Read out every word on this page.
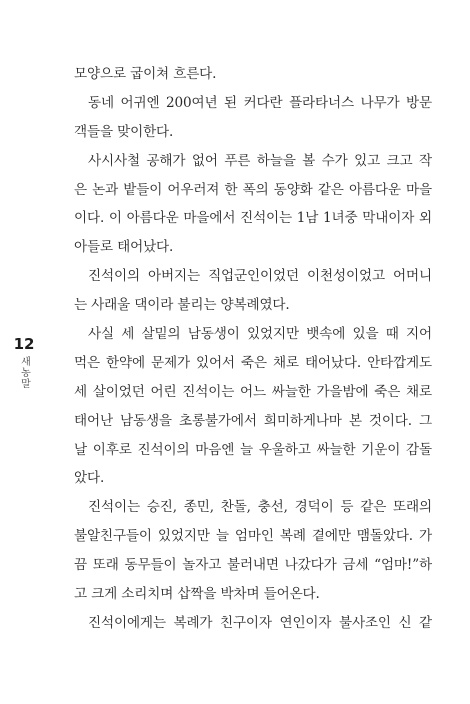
12
새농말
모양으로 굽이쳐 흐른다.
동네 어귀엔 200여년 된 커다란 플라타너스 나무가 방문
객들을 맞이한다.
사시사철 공해가 없어 푸른 하늘을 볼 수가 있고 크고 작
은 논과 밭들이 어우러져 한 폭의 동양화 같은 아름다운 마을
이다. 이 아름다운 마을에서 진석이는 1남 1녀중 막내이자 외
아들로 태어났다.
진석이의 아버지는 직업군인이었던 이천성이었고 어머니
는 사래울 댁이라 불리는 양복례였다.
사실 세 살밑의 남동생이 있었지만 뱃속에 있을 때 지어
먹은 한약에 문제가 있어서 죽은 채로 태어났다. 안타깝게도
세 살이었던 어린 진석이는 어느 싸늘한 가을밤에 죽은 채로
태어난 남동생을 초롱불가에서 희미하게나마 본 것이다. 그
날 이후로 진석이의 마음엔 늘 우울하고 싸늘한 기운이 감돌
았다.
진석이는 승진, 종민, 찬돌, 충선, 경덕이 등 같은 또래의
불알친구들이 있었지만 늘 엄마인 복례 곁에만 맴돌았다. 가
끔 또래 동무들이 놀자고 불러내면 나갔다가 금세 “엄마!”하
고 크게 소리치며 삽짝을 박차며 들어온다.
진석이에게는 복례가 친구이자 연인이자 불사조인 신 같
